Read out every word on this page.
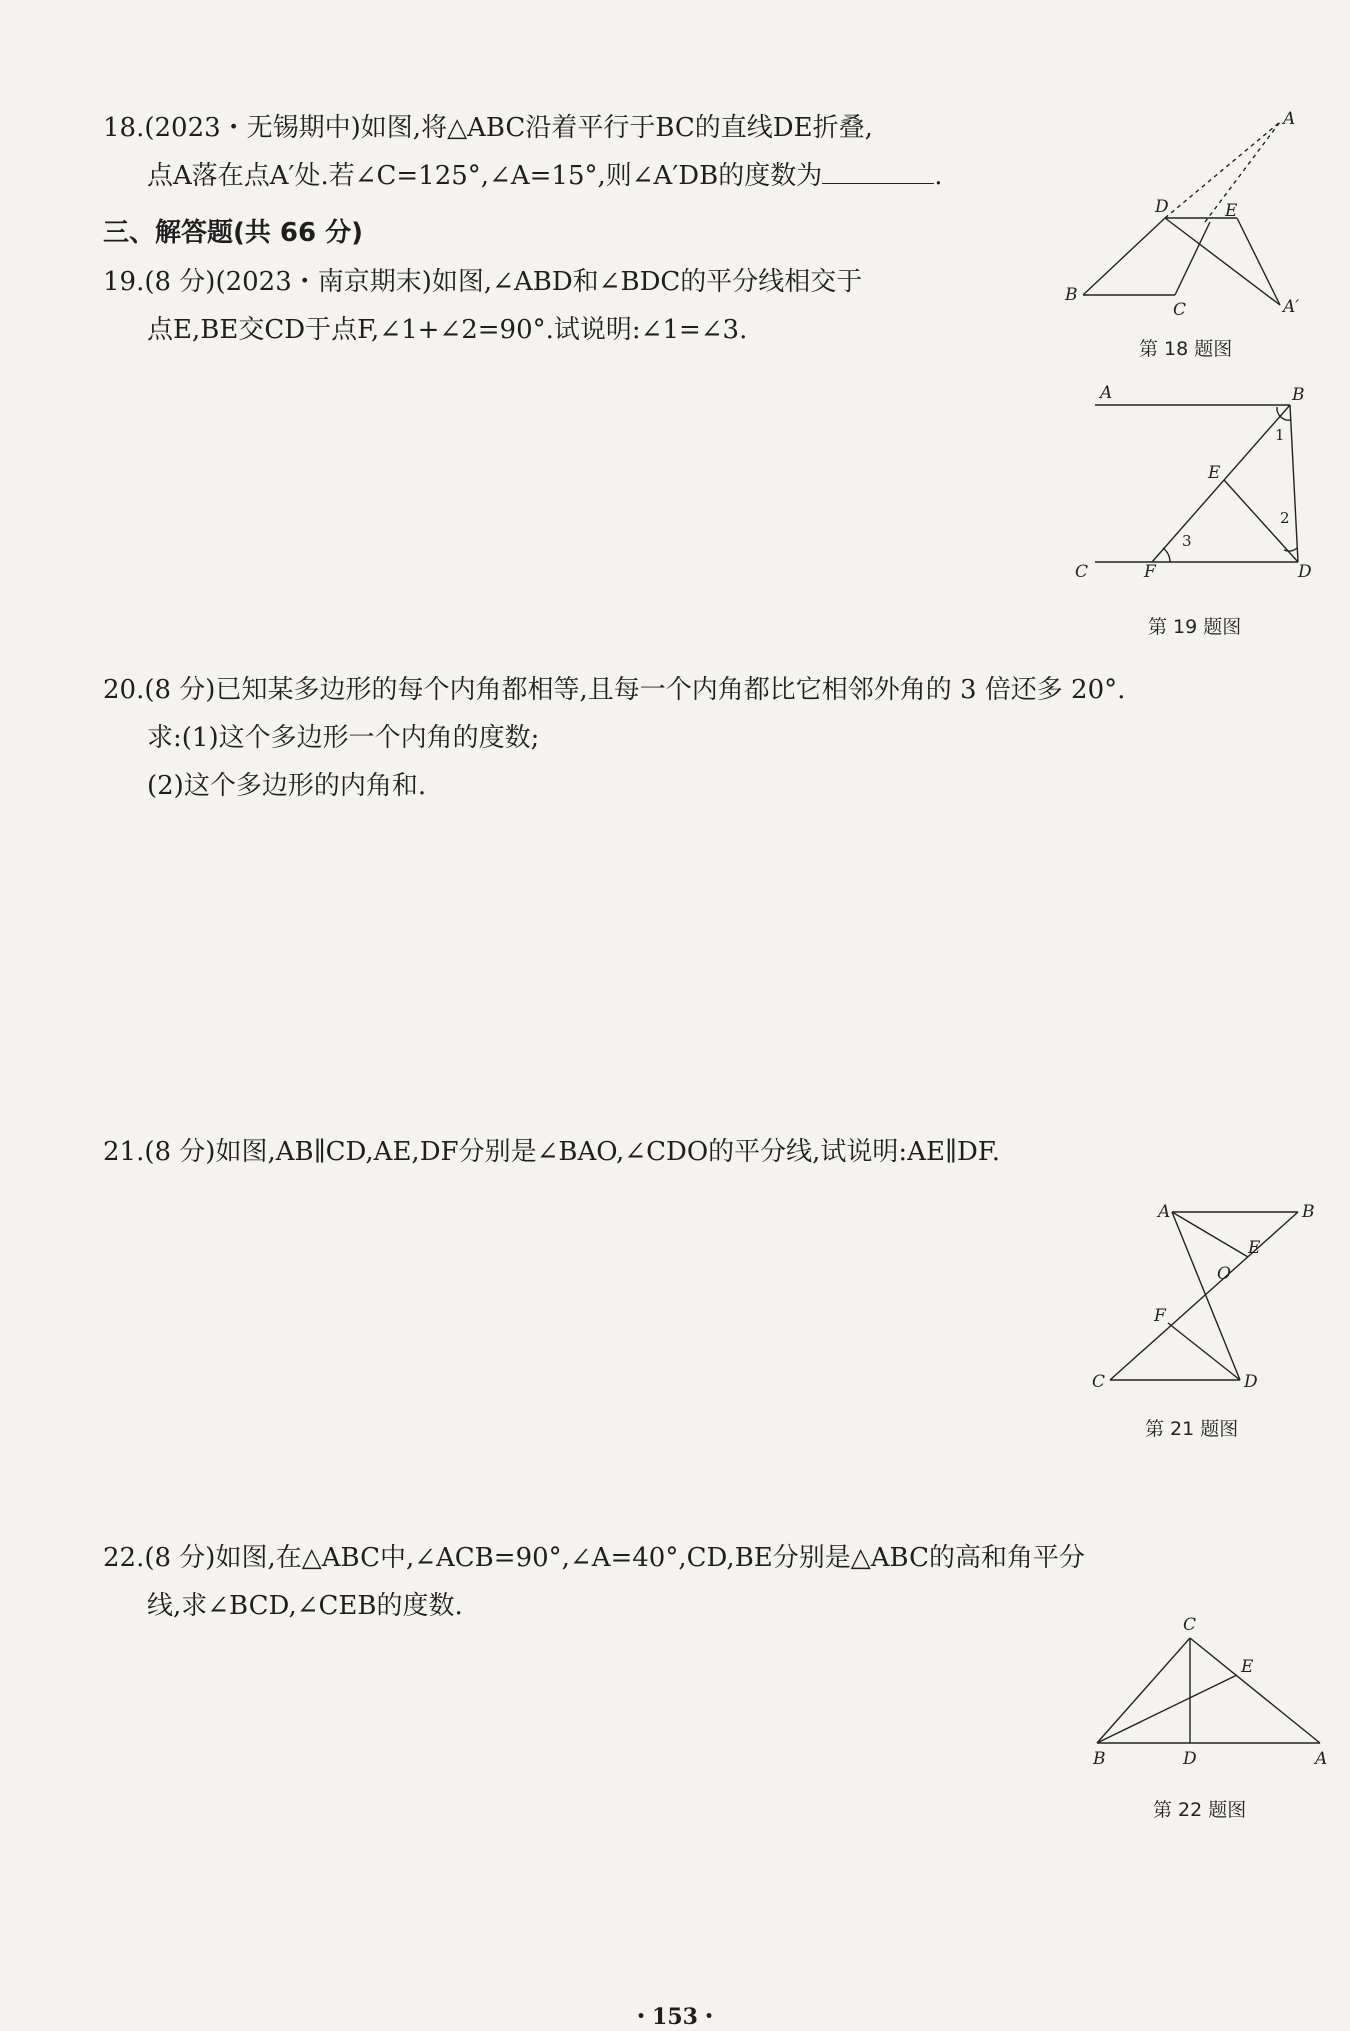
18.(2023・无锡期中)如图,将△ABC沿着平行于BC的直线DE折叠,
点A落在点A′处.若∠C=125°,∠A=15°,则∠A′DB的度数为	.
三、解答题(共 66 分)
A
D	E
B
C	A′
第 18 题图
19.(8 分)(2023・南京期末)如图,∠ABD和∠BDC的平分线相交于
点E,BE交CD于点F,∠1+∠2=90°.试说明:∠1=∠3.
A	B
E
C	F	D
1
2
3
第 19 题图
20.(8 分)已知某多边形的每个内角都相等,且每一个内角都比它相邻外角的 3 倍还多 20°.
求:(1)这个多边形一个内角的度数;
(2)这个多边形的内角和.
21.(8 分)如图,AB∥CD,AE,DF分别是∠BAO,∠CDO的平分线,试说明:AE∥DF.
A	B
E
O
F
C	D
第 21 题图
22.(8 分)如图,在△ABC中,∠ACB=90°,∠A=40°,CD,BE分别是△ABC的高和角平分
线,求∠BCD,∠CEB的度数.
C
E
B	D	A
第 22 题图
・153・
